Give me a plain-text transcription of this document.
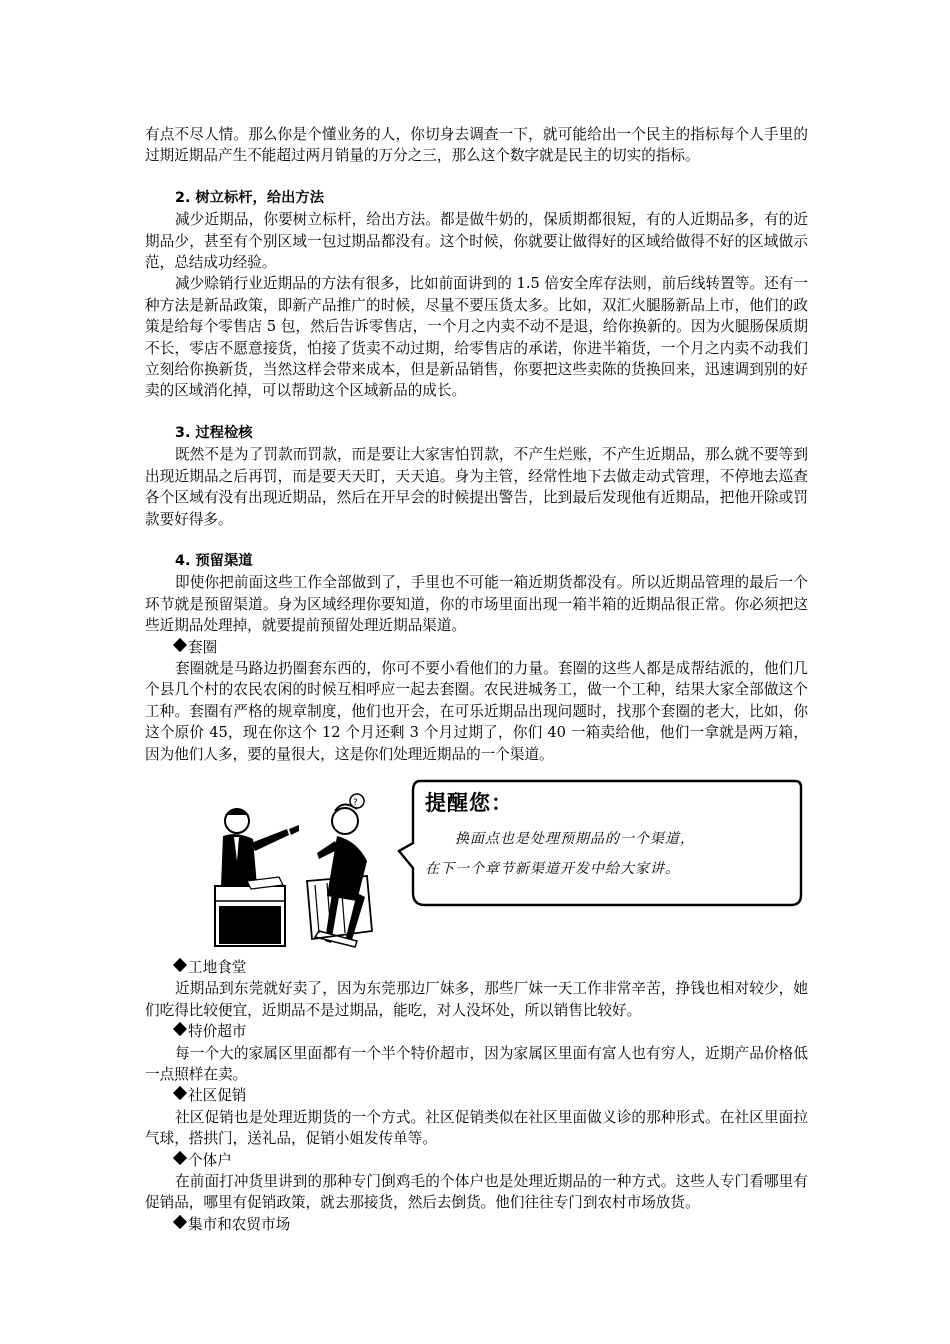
有点不尽人情。那么你是个懂业务的人，你切身去调查一下，就可能给出一个民主的指标每个人手里的过期近期品产生不能超过两月销量的万分之三，那么这个数字就是民主的切实的指标。

2. 树立标杆，给出方法

减少近期品，你要树立标杆，给出方法。都是做牛奶的，保质期都很短，有的人近期品多，有的近期品少，甚至有个别区域一包过期品都没有。这个时候，你就要让做得好的区域给做得不好的区域做示范，总结成功经验。

减少赊销行业近期品的方法有很多，比如前面讲到的 1.5 倍安全库存法则，前后线转置等。还有一种方法是新品政策，即新产品推广的时候，尽量不要压货太多。比如，双汇火腿肠新品上市，他们的政策是给每个零售店 5 包，然后告诉零售店，一个月之内卖不动不是退，给你换新的。因为火腿肠保质期不长，零店不愿意接货，怕接了货卖不动过期，给零售店的承诺，你进半箱货，一个月之内卖不动我们立刻给你换新货，当然这样会带来成本，但是新品销售，你要把这些卖陈的货换回来，迅速调到别的好卖的区域消化掉，可以帮助这个区域新品的成长。

3. 过程检核

既然不是为了罚款而罚款，而是要让大家害怕罚款，不产生烂账，不产生近期品，那么就不要等到出现近期品之后再罚，而是要天天盯，天天追。身为主管，经常性地下去做走动式管理，不停地去巡查各个区域有没有出现近期品，然后在开早会的时候提出警告，比到最后发现他有近期品，把他开除或罚款要好得多。

4. 预留渠道

即使你把前面这些工作全部做到了，手里也不可能一箱近期货都没有。所以近期品管理的最后一个环节就是预留渠道。身为区域经理你要知道，你的市场里面出现一箱半箱的近期品很正常。你必须把这些近期品处理掉，就要提前预留处理近期品渠道。

套圈

套圈就是马路边扔圈套东西的，你可不要小看他们的力量。套圈的这些人都是成帮结派的，他们几个县几个村的农民农闲的时候互相呼应一起去套圈。农民进城务工，做一个工种，结果大家全部做这个工种。套圈有严格的规章制度，他们也开会，在可乐近期品出现问题时，找那个套圈的老大，比如，你这个原价 45，现在你这个 12 个月还剩 3 个月过期了，你们 40 一箱卖给他，他们一拿就是两万箱，因为他们人多，要的量很大，这是你们处理近期品的一个渠道。

?	提醒您：
换面点也是处理预期品的一个渠道，
在下一个章节新渠道开发中给大家讲。
工地食堂

近期品到东莞就好卖了，因为东莞那边厂妹多，那些厂妹一天工作非常辛苦，挣钱也相对较少，她们吃得比较便宜，近期品不是过期品，能吃，对人没坏处，所以销售比较好。

特价超市

每一个大的家属区里面都有一个半个特价超市，因为家属区里面有富人也有穷人，近期产品价格低一点照样在卖。

社区促销

社区促销也是处理近期货的一个方式。社区促销类似在社区里面做义诊的那种形式。在社区里面拉气球，搭拱门，送礼品，促销小姐发传单等。

个体户

在前面打冲货里讲到的那种专门倒鸡毛的个体户也是处理近期品的一种方式。这些人专门看哪里有促销品，哪里有促销政策，就去那接货，然后去倒货。他们往往专门到农村市场放货。

集市和农贸市场
